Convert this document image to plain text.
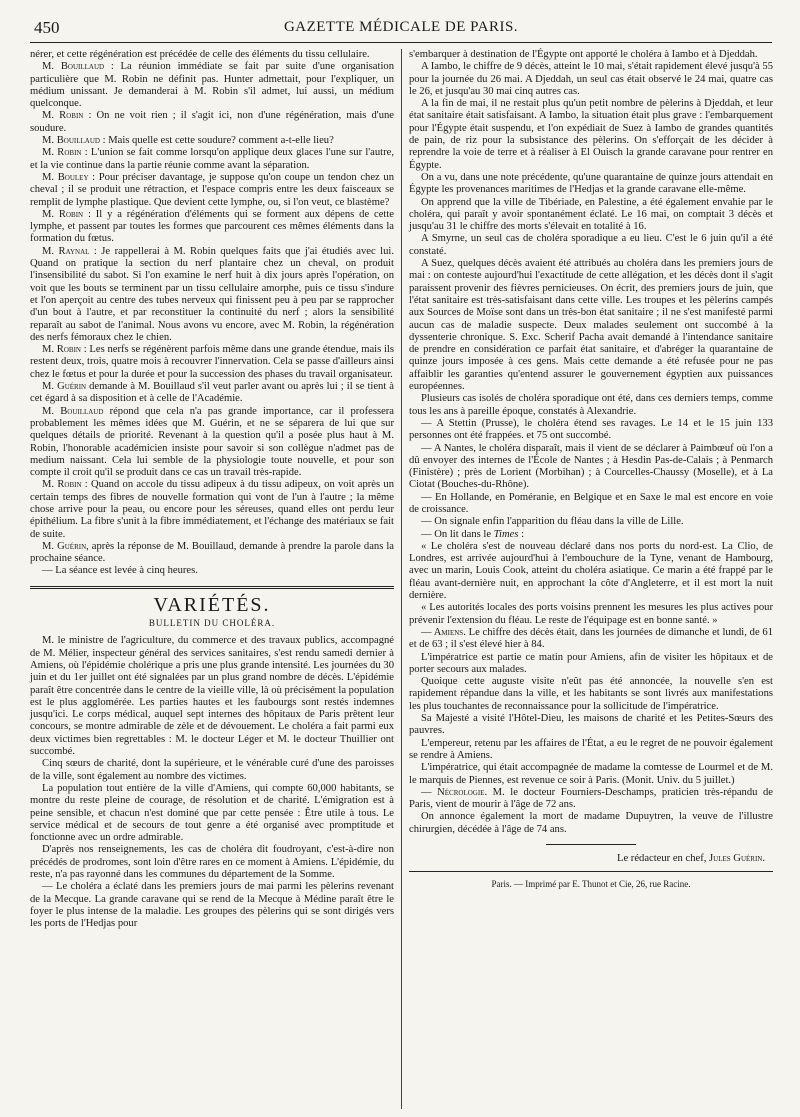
450	GAZETTE MÉDICALE DE PARIS.

nérer, et cette régénération est précédée de celle des éléments du tissu cellulaire.

M. Bouillaud : La réunion immédiate se fait par suite d'une organisation particulière que M. Robin ne définit pas. Hunter admettait, pour l'expliquer, un médium unissant. Je demanderai à M. Robin s'il admet, lui aussi, un médium quelconque.

M. Robin : On ne voit rien ; il s'agit ici, non d'une régénération, mais d'une soudure.

M. Bouillaud : Mais quelle est cette soudure? comment a-t-elle lieu?

M. Robin : L'union se fait comme lorsqu'on applique deux glaces l'une sur l'autre, et la vie continue dans la partie réunie comme avant la séparation.

M. Bouley : Pour préciser davantage, je suppose qu'on coupe un tendon chez un cheval ; il se produit une rétraction, et l'espace compris entre les deux faisceaux se remplit de lymphe plastique. Que devient cette lymphe, ou, si l'on veut, ce blastème?

M. Robin : Il y a régénération d'éléments qui se forment aux dépens de cette lymphe, et passent par toutes les formes que parcourent ces mêmes éléments dans la formation du fœtus.

M. Raynal : Je rappellerai à M. Robin quelques faits que j'ai étudiés avec lui. Quand on pratique la section du nerf plantaire chez un cheval, on produit l'insensibilité du sabot. Si l'on examine le nerf huit à dix jours après l'opération, on voit que les bouts se terminent par un tissu cellulaire amorphe, puis ce tissu s'indure et l'on aperçoit au centre des tubes nerveux qui finissent peu à peu par se rapprocher d'un bout à l'autre, et par reconstituer la continuité du nerf ; alors la sensibilité reparaît au sabot de l'animal. Nous avons vu encore, avec M. Robin, la régénération des nerfs fémoraux chez le chien.

M. Robin : Les nerfs se régénèrent parfois même dans une grande étendue, mais ils restent deux, trois, quatre mois à recouvrer l'innervation. Cela se passe d'ailleurs ainsi chez le fœtus et pour la durée et pour la succession des phases du travail organisateur.

M. Guérin demande à M. Bouillaud s'il veut parler avant ou après lui ; il se tient à cet égard à sa disposition et à celle de l'Académie.

M. Bouillaud répond que cela n'a pas grande importance, car il professera probablement les mêmes idées que M. Guérin, et ne se séparera de lui que sur quelques détails de priorité. Revenant à la question qu'il a posée plus haut à M. Robin, l'honorable académicien insiste pour savoir si son collègue n'admet pas de medium naissant. Cela lui semble de la physiologie toute nouvelle, et pour son compte il croit qu'il se produit dans ce cas un travail très-rapide.

M. Robin : Quand on accole du tissu adipeux à du tissu adipeux, on voit après un certain temps des fibres de nouvelle formation qui vont de l'un à l'autre ; la même chose arrive pour la peau, ou encore pour les séreuses, quand elles ont perdu leur épithélium. La fibre s'unit à la fibre immédiatement, et l'échange des matériaux se fait de suite.

M. Guérin, après la réponse de M. Bouillaud, demande à prendre la parole dans la prochaine séance.

— La séance est levée à cinq heures.

VARIÉTÉS.
BULLETIN DU CHOLÉRA.

M. le ministre de l'agriculture, du commerce et des travaux publics, accompagné de M. Mélier, inspecteur général des services sanitaires, s'est rendu samedi dernier à Amiens, où l'épidémie cholérique a pris une plus grande intensité. Les journées du 30 juin et du 1er juillet ont été signalées par un plus grand nombre de décès. L'épidémie paraît être concentrée dans le centre de la vieille ville, là où précisément la population est le plus agglomérée. Les parties hautes et les faubourgs sont restés indemnes jusqu'ici. Le corps médical, auquel sept internes des hôpitaux de Paris prêtent leur concours, se montre admirable de zèle et de dévouement. Le choléra a fait parmi eux deux victimes bien regrettables : M. le docteur Léger et M. le docteur Thuillier ont succombé.

Cinq sœurs de charité, dont la supérieure, et le vénérable curé d'une des paroisses de la ville, sont également au nombre des victimes.

La population tout entière de la ville d'Amiens, qui compte 60,000 habitants, se montre du reste pleine de courage, de résolution et de charité. L'émigration est à peine sensible, et chacun n'est dominé que par cette pensée : Être utile à tous. Le service médical et de secours de tout genre a été organisé avec promptitude et fonctionne avec un ordre admirable.

D'après nos renseignements, les cas de choléra dit foudroyant, c'est-à-dire non précédés de prodromes, sont loin d'être rares en ce moment à Amiens. L'épidémie, du reste, n'a pas rayonné dans les communes du département de la Somme.

— Le choléra a éclaté dans les premiers jours de mai parmi les pèlerins revenant de la Mecque. La grande caravane qui se rend de la Mecque à Médine paraît être le foyer le plus intense de la maladie. Les groupes des pèlerins qui se sont dirigés vers les ports de l'Hedjas pour

s'embarquer à destination de l'Égypte ont apporté le choléra à Iambo et à Djeddah.

A Iambo, le chiffre de 9 décès, atteint le 10 mai, s'était rapidement élevé jusqu'à 55 pour la journée du 26 mai. A Djeddah, un seul cas était observé le 24 mai, quatre cas le 26, et jusqu'au 30 mai cinq autres cas.

A la fin de mai, il ne restait plus qu'un petit nombre de pèlerins à Djeddah, et leur état sanitaire était satisfaisant. A Iambo, la situation était plus grave : l'embarquement pour l'Égypte était suspendu, et l'on expédiait de Suez à Iambo de grandes quantités de pain, de riz pour la subsistance des pèlerins. On s'efforçait de les décider à reprendre la voie de terre et à réaliser à El Ouisch la grande caravane pour rentrer en Égypte.

On a vu, dans une note précédente, qu'une quarantaine de quinze jours attendait en Égypte les provenances maritimes de l'Hedjas et la grande caravane elle-même.

On apprend que la ville de Tibériade, en Palestine, a été également envahie par le choléra, qui paraît y avoir spontanément éclaté. Le 16 mai, on comptait 3 décès et jusqu'au 31 le chiffre des morts s'élevait en totalité à 16.

A Smyrne, un seul cas de choléra sporadique a eu lieu. C'est le 6 juin qu'il a été constaté.

A Suez, quelques décès avaient été attribués au choléra dans les premiers jours de mai : on conteste aujourd'hui l'exactitude de cette allégation, et les décès dont il s'agit paraissent provenir des fièvres pernicieuses. On écrit, des premiers jours de juin, que l'état sanitaire est très-satisfaisant dans cette ville. Les troupes et les pèlerins campés aux Sources de Moïse sont dans un très-bon état sanitaire ; il ne s'est manifesté parmi aucun cas de maladie suspecte. Deux malades seulement ont succombé à la dyssenterie chronique. S. Exc. Scherif Pacha avait demandé à l'intendance sanitaire de prendre en considération ce parfait état sanitaire, et d'abréger la quarantaine de quinze jours imposée à ces gens. Mais cette demande a été refusée pour ne pas affaiblir les garanties qu'entend assurer le gouvernement égyptien aux puissances européennes.

Plusieurs cas isolés de choléra sporadique ont été, dans ces derniers temps, comme tous les ans à pareille époque, constatés à Alexandrie.

— A Stettin (Prusse), le choléra étend ses ravages. Le 14 et le 15 juin 133 personnes ont été frappées. et 75 ont succombé.

— A Nantes, le choléra disparaît, mais il vient de se déclarer à Paimbœuf où l'on a dû envoyer des internes de l'École de Nantes ; à Hesdin Pas-de-Calais ; à Penmarch (Finistère) ; près de Lorient (Morbihan) ; à Courcelles-Chaussy (Moselle), et à La Ciotat (Bouches-du-Rhône).

— En Hollande, en Poméranie, en Belgique et en Saxe le mal est encore en voie de croissance.

— On signale enfin l'apparition du fléau dans la ville de Lille.

— On lit dans le Times :

« Le choléra s'est de nouveau déclaré dans nos ports du nord-est. La Clio, de Londres, est arrivée aujourd'hui à l'embouchure de la Tyne, venant de Hambourg, avec un marin, Louis Cook, atteint du choléra asiatique. Ce marin a été frappé par le fléau avant-dernière nuit, en approchant la côte d'Angleterre, et il est mort la nuit dernière.

« Les autorités locales des ports voisins prennent les mesures les plus actives pour prévenir l'extension du fléau. Le reste de l'équipage est en bonne santé. »

— Amiens. Le chiffre des décès était, dans les journées de dimanche et lundi, de 61 et de 63 ; il s'est élevé hier à 84.

L'impératrice est partie ce matin pour Amiens, afin de visiter les hôpitaux et de porter secours aux malades.

Quoique cette auguste visite n'eût pas été annoncée, la nouvelle s'en est rapidement répandue dans la ville, et les habitants se sont livrés aux manifestations les plus touchantes de reconnaissance pour la sollicitude de l'impératrice.

Sa Majesté a visité l'Hôtel-Dieu, les maisons de charité et les Petites-Sœurs des pauvres.

L'empereur, retenu par les affaires de l'État, a eu le regret de ne pouvoir également se rendre à Amiens.

L'impératrice, qui était accompagnée de madame la comtesse de Lourmel et de M. le marquis de Piennes, est revenue ce soir à Paris. (Monit. Univ. du 5 juillet.)

— Nécrologie. M. le docteur Fourniers-Deschamps, praticien très-répandu de Paris, vient de mourir à l'âge de 72 ans.

On annonce également la mort de madame Dupuytren, la veuve de l'illustre chirurgien, décédée à l'âge de 74 ans.

Le rédacteur en chef, Jules Guérin.

Paris. — Imprimé par E. Thunot et Cie, 26, rue Racine.
